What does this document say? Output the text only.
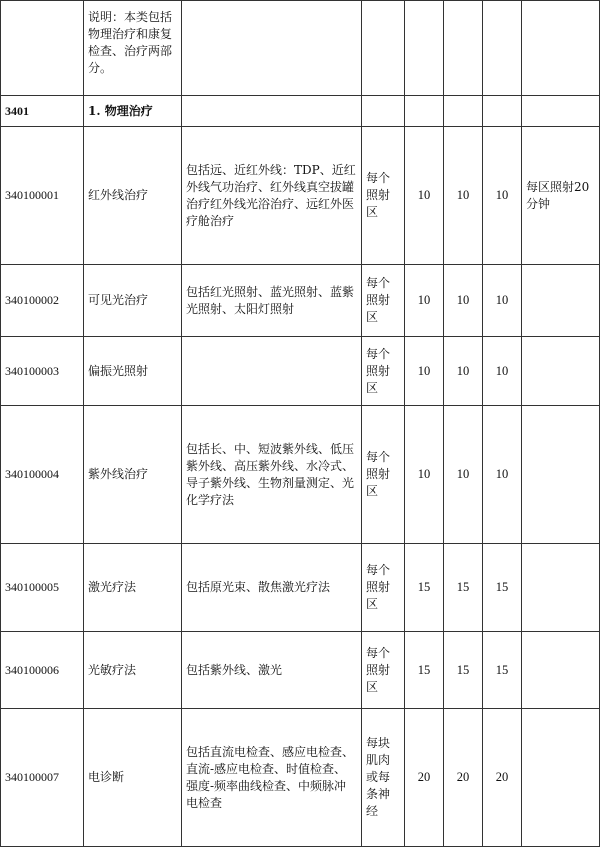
	说明：本类包括物理治疗和康复检查、治疗两部分。						
3401	1. 物理治疗						
340100001	红外线治疗	包括远、近红外线：TDP、近红外线气功治疗、红外线真空拔罐治疗红外线光浴治疗、远红外医疗舱治疗	每个照射区	10	10	10	每区照射20分钟
340100002	可见光治疗	包括红光照射、蓝光照射、蓝紫光照射、太阳灯照射	每个照射区	10	10	10	
340100003	偏振光照射		每个照射区	10	10	10	
340100004	紫外线治疗	包括长、中、短波紫外线、低压紫外线、高压紫外线、水冷式、导子紫外线、生物剂量测定、光化学疗法	每个照射区	10	10	10	
340100005	激光疗法	包括原光束、散焦激光疗法	每个照射区	15	15	15	
340100006	光敏疗法	包括紫外线、激光	每个照射区	15	15	15	
340100007	电诊断	包括直流电检查、感应电检查、直流-感应电检查、时值检查、强度-频率曲线检查、中频脉冲电检查	每块肌肉或每条神经	20	20	20	
